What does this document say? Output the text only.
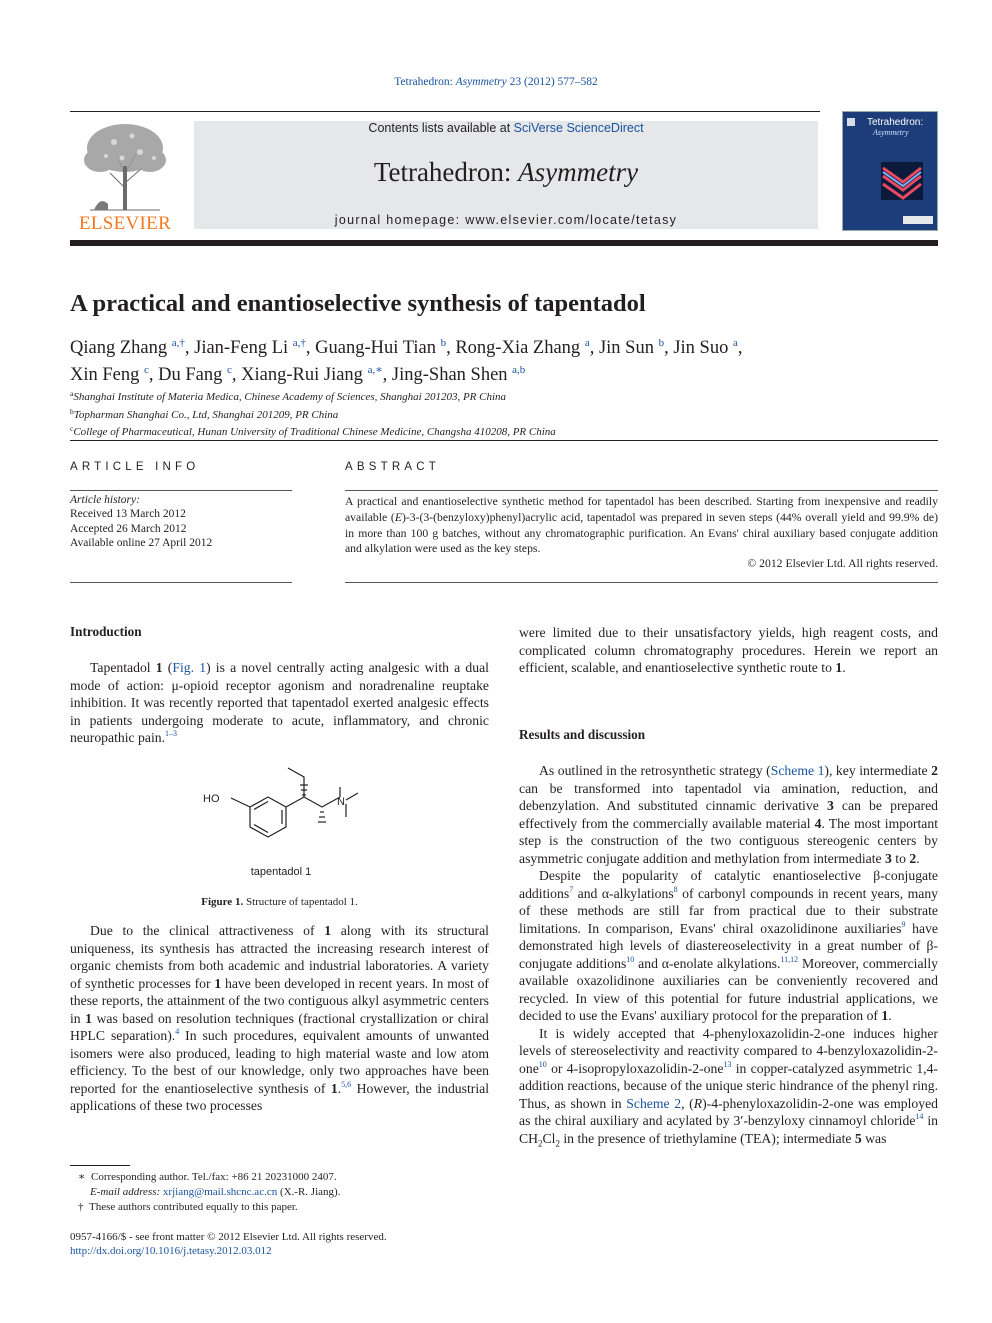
Tetrahedron: Asymmetry 23 (2012) 577–582
ELSEVIER
Contents lists available at SciVerse ScienceDirect
Tetrahedron: Asymmetry
journal homepage: www.elsevier.com/locate/tetasy
Tetrahedron:
Asymmetry
A practical and enantioselective synthesis of tapentadol
Qiang Zhang $^{a,\dagger}$, Jian-Feng Li $^{a,\dagger}$, Guang-Hui Tian $^b$, Rong-Xia Zhang $^a$, Jin Sun $^b$, Jin Suo $^a$,
Xin Feng $^c$, Du Fang $^c$, Xiang-Rui Jiang $^{a,∗}$, Jing-Shan Shen $^{a,b}$
$^a$Shanghai Institute of Materia Medica, Chinese Academy of Sciences, Shanghai 201203, PR China
$^b$Topharman Shanghai Co., Ltd, Shanghai 201209, PR China
$^c$College of Pharmaceutical, Hunan University of Traditional Chinese Medicine, Changsha 410208, PR China
ARTICLE INFO	ABSTRACT
Article history:
Received 13 March 2012
Accepted 26 March 2012
Available online 27 April 2012
A practical and enantioselective synthetic method for tapentadol has been described. Starting from inexpensive and readily available (E)-3-(3-(benzyloxy)phenyl)acrylic acid, tapentadol was prepared in seven steps (44% overall yield and 99.9% de) in more than 100 g batches, without any chromatographic purification. An Evans' chiral auxiliary based conjugate addition and alkylation were used as the key steps.
© 2012 Elsevier Ltd. All rights reserved.
Introduction

Tapentadol 1 (Fig. 1) is a novel centrally acting analgesic with a dual mode of action: μ-opioid receptor agonism and noradrenaline reuptake inhibition. It was recently reported that tapentadol exerted analgesic effects in patients undergoing moderate to acute, inflammatory, and chronic neuropathic pain.$^{1-3}$

HO	N
tapentadol 1
Figure 1. Structure of tapentadol 1.

Due to the clinical attractiveness of 1 along with its structural uniqueness, its synthesis has attracted the increasing research interest of organic chemists from both academic and industrial laboratories. A variety of synthetic processes for 1 have been developed in recent years. In most of these reports, the attainment of the two contiguous alkyl asymmetric centers in 1 was based on resolution techniques (fractional crystallization or chiral HPLC separation).$^4$ In such procedures, equivalent amounts of unwanted isomers were also produced, leading to high material waste and low atom efficiency. To the best of our knowledge, only two approaches have been reported for the enantioselective synthesis of 1.$^{5,6}$ However, the industrial applications of these two processes

were limited due to their unsatisfactory yields, high reagent costs, and complicated column chromatography procedures. Herein we report an efficient, scalable, and enantioselective synthetic route to 1.
Results and discussion

As outlined in the retrosynthetic strategy (Scheme 1), key intermediate 2 can be transformed into tapentadol via amination, reduction, and debenzylation. And substituted cinnamic derivative 3 can be prepared effectively from the commercially available material 4. The most important step is the construction of the two contiguous stereogenic centers by asymmetric conjugate addition and methylation from intermediate 3 to 2.

Despite the popularity of catalytic enantioselective β-conjugate additions$^7$ and α-alkylations$^8$ of carbonyl compounds in recent years, many of these methods are still far from practical due to their substrate limitations. In comparison, Evans' chiral oxazolidinone auxiliaries$^9$ have demonstrated high levels of diastereoselectivity in a great number of β-conjugate additions$^{10}$ and α-enolate alkylations.$^{11,12}$ Moreover, commercially available oxazolidinone auxiliaries can be conveniently recovered and recycled. In view of this potential for future industrial applications, we decided to use the Evans' auxiliary protocol for the preparation of 1.

It is widely accepted that 4-phenyloxazolidin-2-one induces higher levels of stereoselectivity and reactivity compared to 4-benzyloxazolidin-2-one$^{10}$ or 4-isopropyloxazolidin-2-one$^{13}$ in copper-catalyzed asymmetric 1,4-addition reactions, because of the unique steric hindrance of the phenyl ring. Thus, as shown in Scheme 2, (R)-4-phenyloxazolidin-2-one was employed as the chiral auxiliary and acylated by 3′-benzyloxy cinnamoyl chloride$^{14}$ in $CH_2Cl_2$ in the presence of triethylamine (TEA); intermediate 5 was

∗ Corresponding author. Tel./fax: +86 21 20231000 2407.
E-mail address: xrjiang@mail.shcnc.ac.cn (X.-R. Jiang).
† These authors contributed equally to this paper.
0957-4166/$ - see front matter © 2012 Elsevier Ltd. All rights reserved.
http://dx.doi.org/10.1016/j.tetasy.2012.03.012
